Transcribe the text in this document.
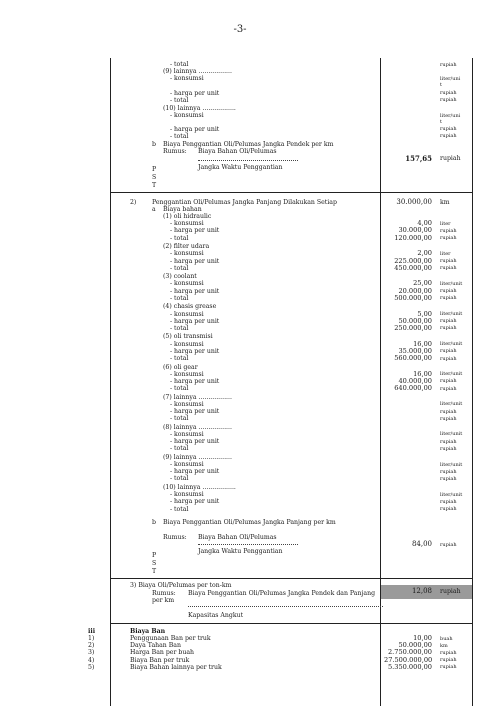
-3-
- total	rupiah
(9) lainnya .................
- konsumsi	liter/uni
t
- harga per unit	rupiah
- total	rupiah
(10) lainnya .................
- konsumsi	liter/uni
t
- harga per unit	rupiah
- total	rupiah
b Biaya Penggantian Oli/Pelumas Jangka Pendek per km
Rumus: Biaya Bahan Oli/Pelumas
Jangka Waktu Penggantian
157,65 rupiah
P
S
T
2)	Penggantian Oli/Pelumas Jangka Panjang Dilakukan Setiap	30.000,00 km
a Biaya bahan
(1) oli hidraulic
- konsumsi	4,00 liter
- harga per unit	30.000,00 rupiah
- total	120.000,00 rupiah
(2) filter udara
- konsumsi	2,00 liter
- harga per unit	225.000,00 rupiah
- total	450.000,00 rupiah
(3) coolant
- konsumsi	25,00 liter/unit
- harga per unit	20.000,00 rupiah
- total	500.000,00 rupiah
(4) chasis grease
- konsumsi	5,00 liter/unit
- harga per unit	50.000,00 rupiah
- total	250.000,00 rupiah
(5) oli transmisi
- konsumsi	16,00 liter/unit
- harga per unit	35.000,00 rupiah
- total	560.000,00 rupiah
(6) oli gear
- konsumsi	16,00 liter/unit
- harga per unit	40.000,00 rupiah
- total	640.000,00 rupiah
(7) lainnya .................
- konsumsi	liter/unit
- harga per unit	rupiah
- total	rupiah
(8) lainnya .................
- konsumsi	liter/unit
- harga per unit	rupiah
- total	rupiah
(9) lainnya .................
- konsumsi	liter/unit
- harga per unit	rupiah
- total	rupiah
(10) lainnya .................
- konsumsi	liter/unit
- harga per unit	rupiah
- total	rupiah
b Biaya Penggantian Oli/Pelumas Jangka Panjang per km
Rumus: Biaya Bahan Oli/Pelumas
Jangka Waktu Penggantian
84,00 rupiah
P
S
T
3) Biaya Oli/Pelumas per ton-km
Rumus: Biaya Penggantian Oli/Pelumas Jangka Pendek dan Panjang
per km
Kapasitas Angkut
12,08 rupiah
iii	Biaya Ban
1)	Penggunaan Ban per truk	10,00 buah
2)	Daya Tahan Ban	50.000,00 km
3)	Harga Ban per buah	2.750.000,00 rupiah
4)	Biaya Ban per truk	27.500.000,00 rupiah
5)	Biaya Bahan lainnya per truk	5.350.000,00 rupiah
